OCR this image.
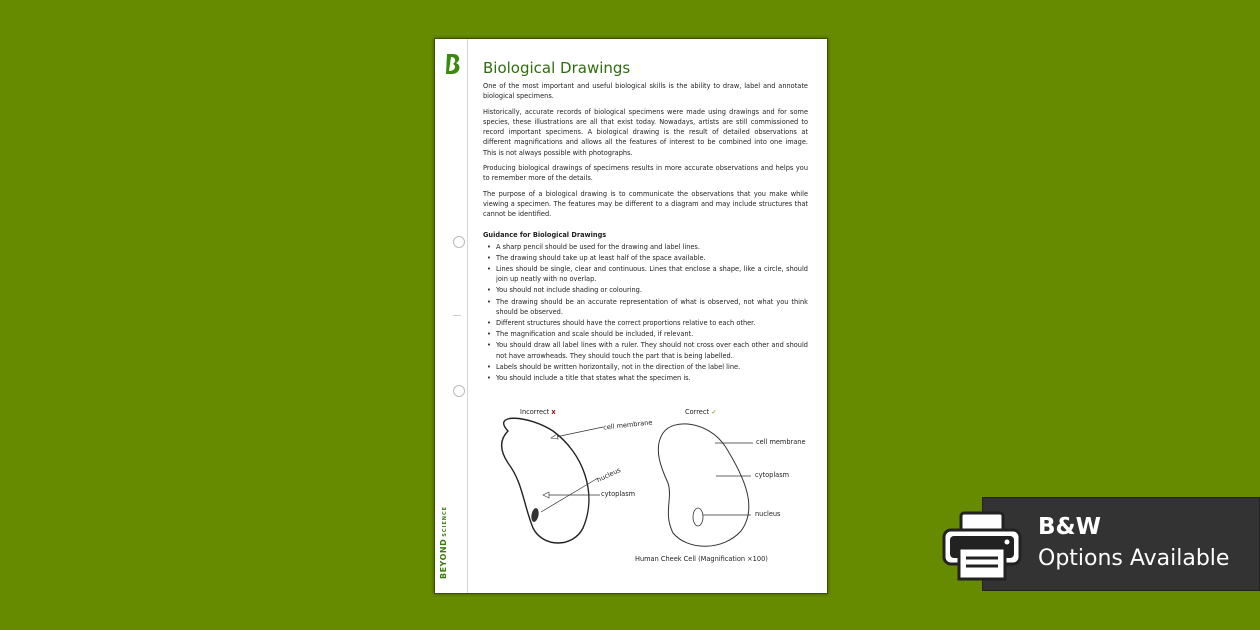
BEYONDSCIENCE
Biological Drawings

One of the most important and useful biological skills is the ability to draw, label and annotate biological specimens.

Historically, accurate records of biological specimens were made using drawings and for some species, these illustrations are all that exist today. Nowadays, artists are still commissioned to record important specimens. A biological drawing is the result of detailed observations at different magnifications and allows all the features of interest to be combined into one image. This is not always possible with photographs.

Producing biological drawings of specimens results in more accurate observations and helps you to remember more of the details.

The purpose of a biological drawing is to communicate the observations that you make while viewing a specimen. The features may be different to a diagram and may include structures that cannot be identified.

Guidance for Biological Drawings
• A sharp pencil should be used for the drawing and label lines.
• The drawing should take up at least half of the space available.
• Lines should be single, clear and continuous. Lines that enclose a shape, like a circle, should join up neatly with no overlap.
• You should not include shading or colouring.
• The drawing should be an accurate representation of what is observed, not what you think should be observed.
• Different structures should have the correct proportions relative to each other.
• The magnification and scale should be included, if relevant.
• You should draw all label lines with a ruler. They should not cross over each other and should not have arrowheads. They should touch the part that is being labelled.
• Labels should be written horizontally, not in the direction of the label line.
• You should include a title that states what the specimen is.
Incorrect x	Correct ✓
cell membrane
nucleus
cytoplasm
cell membrane
cytoplasm
nucleus
Human Cheek Cell (Magnification ×100)
B&W
Options Available
